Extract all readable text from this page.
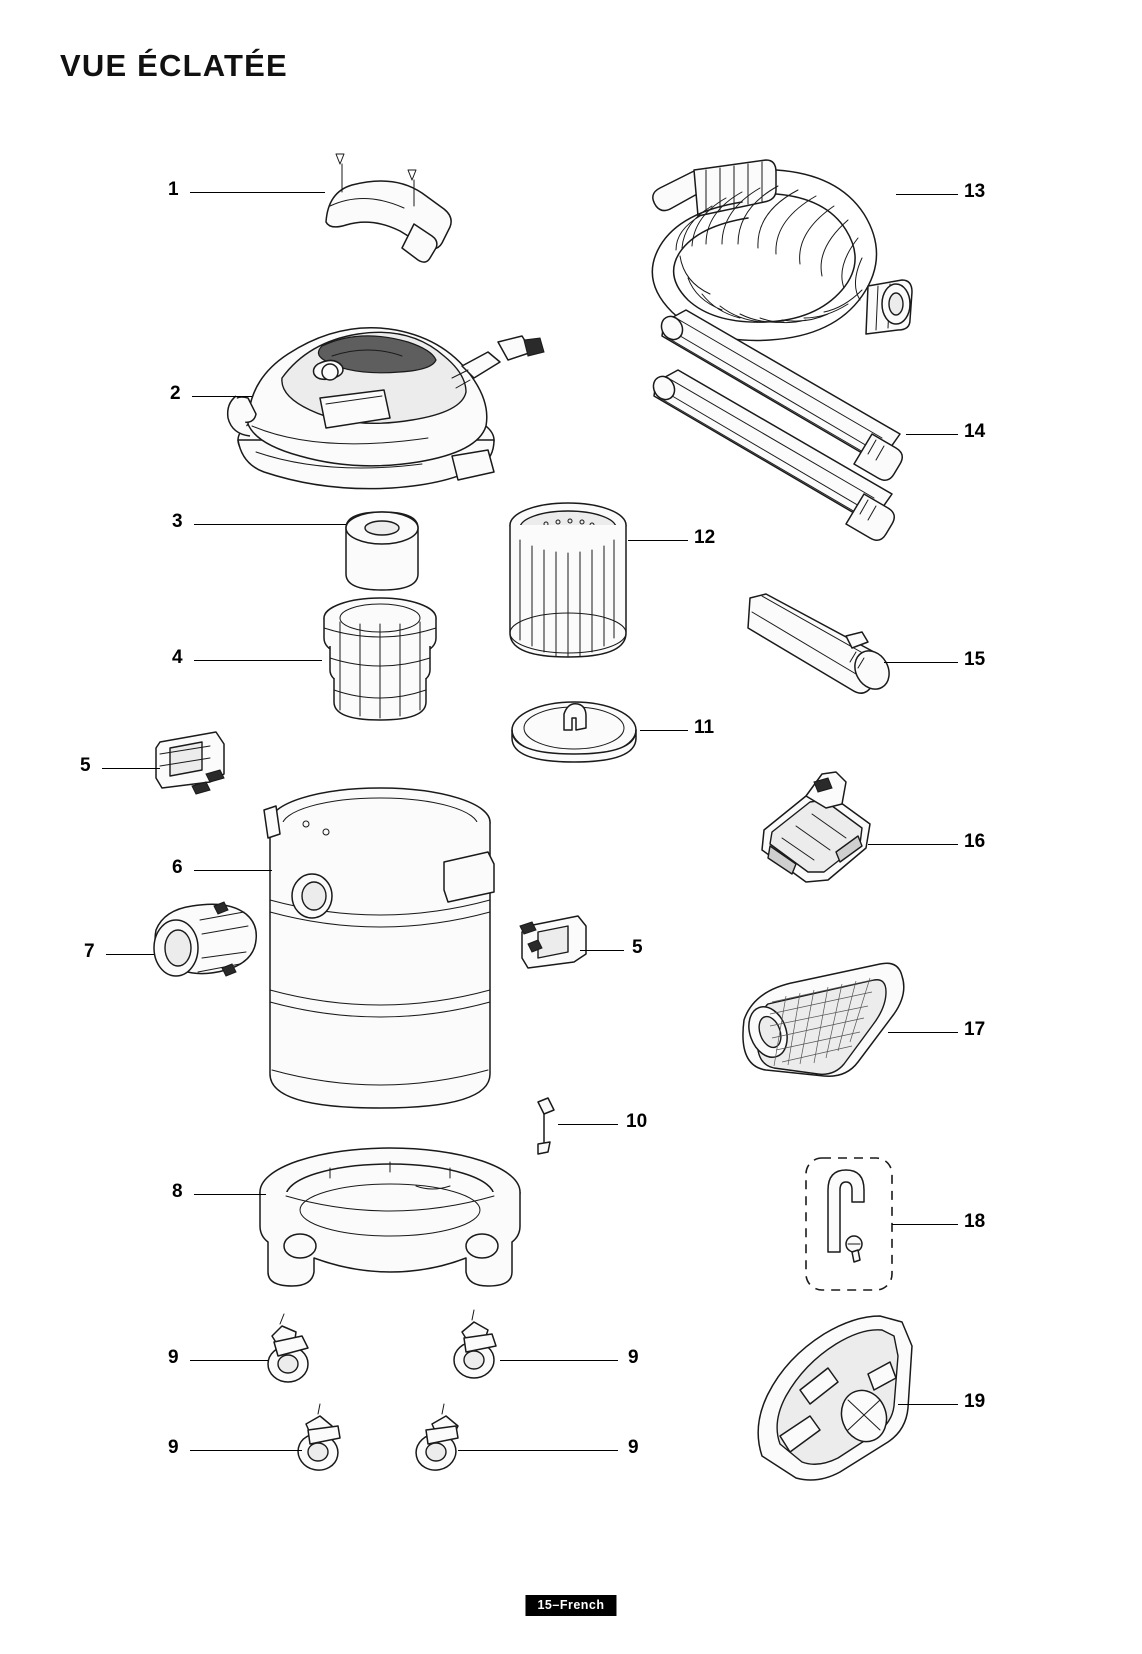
VUE ÉCLATÉE
1
2
3
4
5
6
7
8
9
9
9
9
10
5
11
12
13
14
15
16
17
18
19
15–French
